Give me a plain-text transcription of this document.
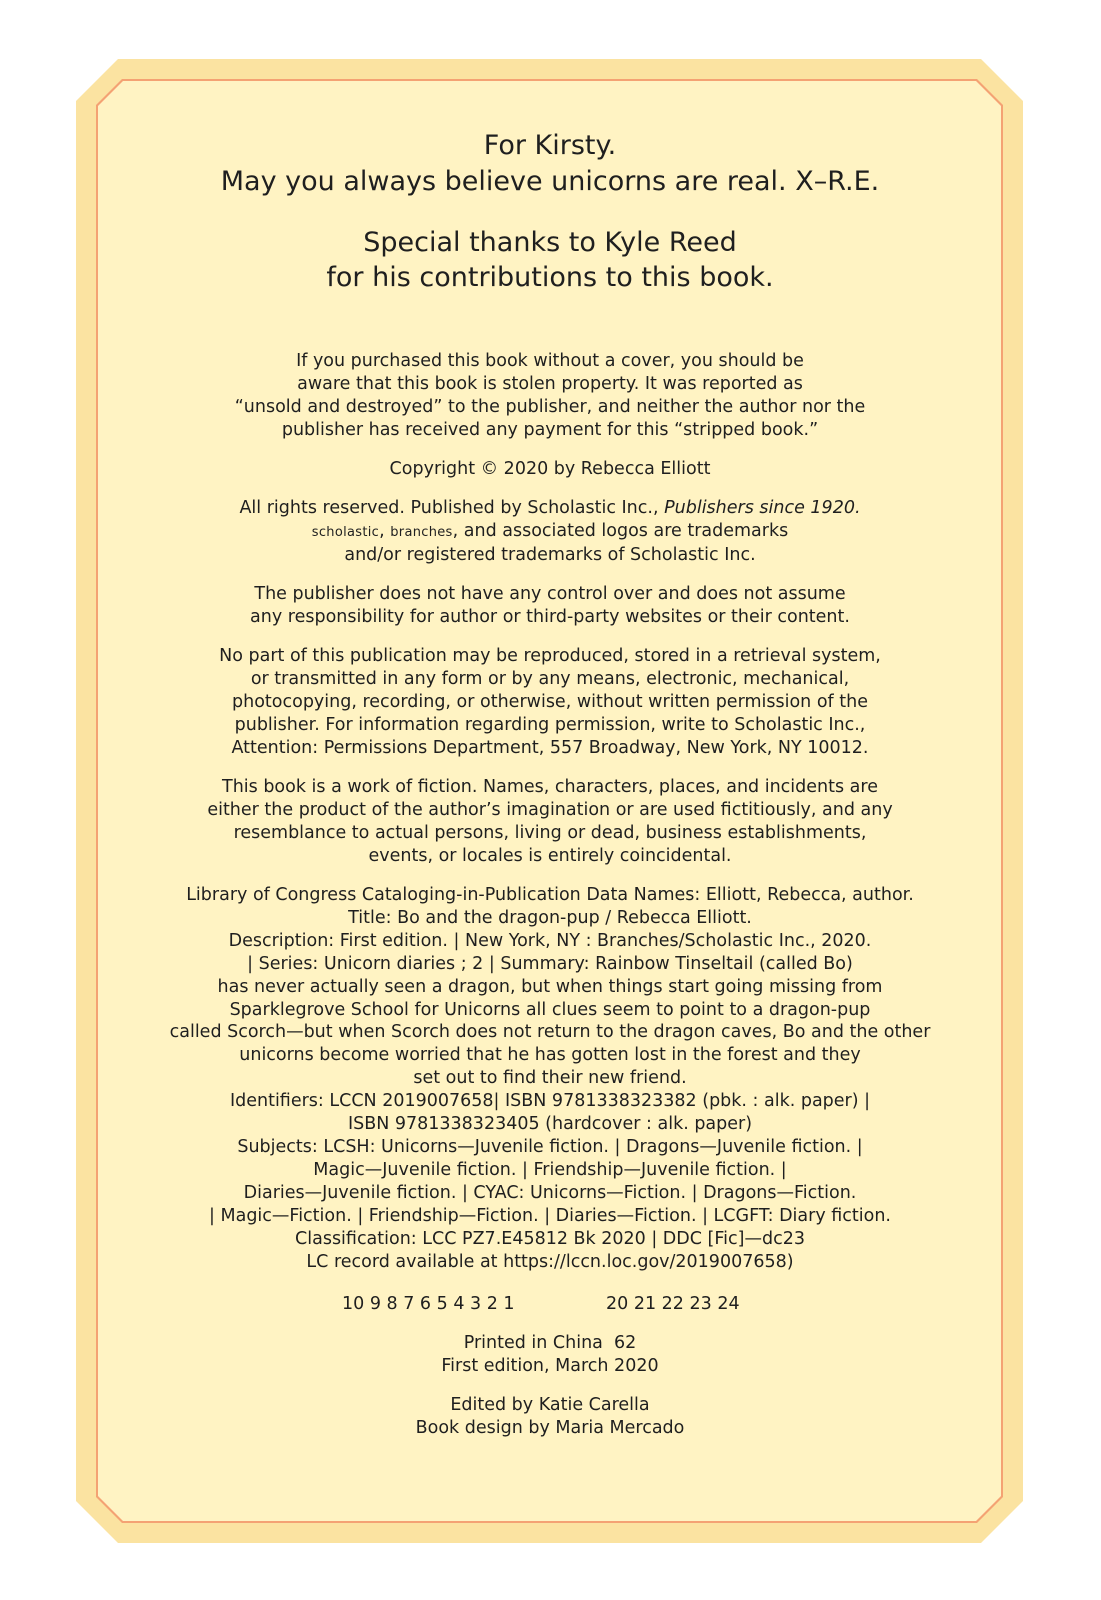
For Kirsty.
May you always believe unicorns are real. X–R.E.

Special thanks to Kyle Reed
for his contributions to this book.

If you purchased this book without a cover, you should be
aware that this book is stolen property. It was reported as
“unsold and destroyed” to the publisher, and neither the author nor the
publisher has received any payment for this “stripped book.”

Copyright © 2020 by Rebecca Elliott

All rights reserved. Published by Scholastic Inc., Publishers since 1920.
scholastic, branches, and associated logos are trademarks
and/or registered trademarks of Scholastic Inc.

The publisher does not have any control over and does not assume
any responsibility for author or third-party websites or their content.

No part of this publication may be reproduced, stored in a retrieval system,
or transmitted in any form or by any means, electronic, mechanical,
photocopying, recording, or otherwise, without written permission of the
publisher. For information regarding permission, write to Scholastic Inc.,
Attention: Permissions Department, 557 Broadway, New York, NY 10012.

This book is a work of fiction. Names, characters, places, and incidents are
either the product of the author’s imagination or are used fictitiously, and any
resemblance to actual persons, living or dead, business establishments,
events, or locales is entirely coincidental.

Library of Congress Cataloging-in-Publication Data Names: Elliott, Rebecca, author.
Title: Bo and the dragon-pup / Rebecca Elliott.
Description: First edition. | New York, NY : Branches/Scholastic Inc., 2020.
| Series: Unicorn diaries ; 2 | Summary: Rainbow Tinseltail (called Bo)
has never actually seen a dragon, but when things start going missing from
Sparklegrove School for Unicorns all clues seem to point to a dragon-pup
called Scorch—but when Scorch does not return to the dragon caves, Bo and the other
unicorns become worried that he has gotten lost in the forest and they
set out to find their new friend.
Identifiers: LCCN 2019007658| ISBN 9781338323382 (pbk. : alk. paper) |
ISBN 9781338323405 (hardcover : alk. paper)
Subjects: LCSH: Unicorns—Juvenile fiction. | Dragons—Juvenile fiction. |
Magic—Juvenile fiction. | Friendship—Juvenile fiction. |
Diaries—Juvenile fiction. | CYAC: Unicorns—Fiction. | Dragons—Fiction.
| Magic—Fiction. | Friendship—Fiction. | Diaries—Fiction. | LCGFT: Diary fiction.
Classification: LCC PZ7.E45812 Bk 2020 | DDC [Fic]—dc23
LC record available at https://lccn.loc.gov/2019007658)

10 9 8 7 6 5 4 3 2 1	20 21 22 23 24

Printed in China  62
First edition, March 2020

Edited by Katie Carella
Book design by Maria Mercado
